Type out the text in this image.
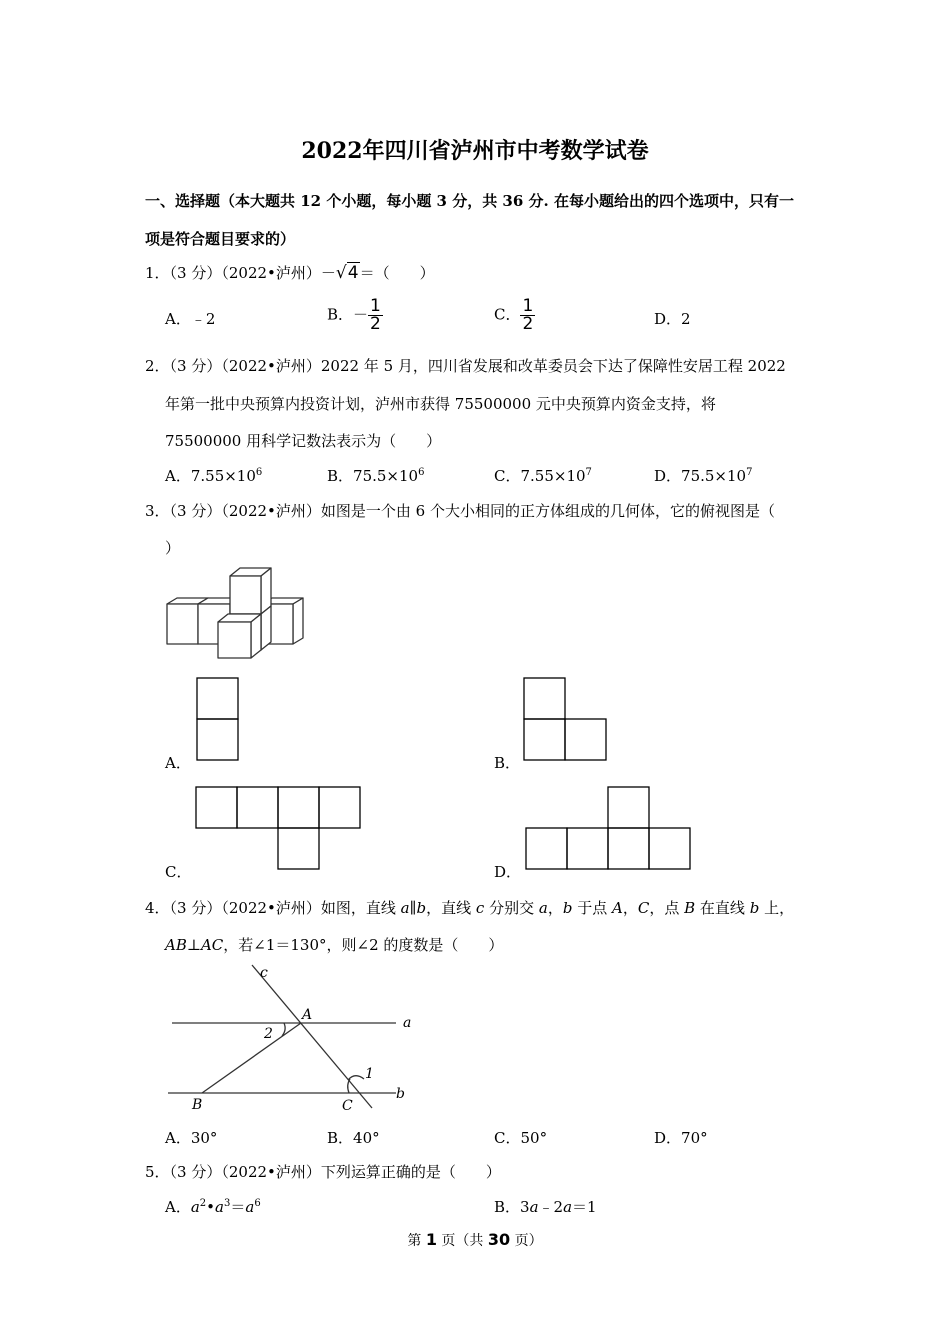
2022年四川省泸州市中考数学试卷
一、选择题（本大题共 12 个小题，每小题 3 分，共 36 分. 在每小题给出的四个选项中，只有一
项是符合题目要求的）
1．（3 分）（2022•泸州）－√4＝（　　）
A．﹣2	B．－ $\frac{1}{2}$	C． $\frac{1}{2}$	D．2
2．（3 分）（2022•泸州）2022 年 5 月，四川省发展和改革委员会下达了保障性安居工程 2022
年第一批中央预算内投资计划，泸州市获得 75500000 元中央预算内资金支持，将
75500000 用科学记数法表示为（　　）
A．$7.55\times 10^6$	B．$75.5\times 10^6$	C．$7.55\times 10^7$	D．$75.5\times 10^7$
3．（3 分）（2022•泸州）如图是一个由 6 个大小相同的正方体组成的几何体，它的俯视图是（
）
A．	B．
C．	D．
4．（3 分）（2022•泸州）如图，直线 a∥b，直线 c 分别交 a，b 于点 A，C，点 B 在直线 b 上，
AB⊥AC，若∠1＝130°，则∠2 的度数是（　　）
c
A	a
2
1
B	C
b
A．30°	B．40°	C．50°	D．70°
5．（3 分）（2022•泸州）下列运算正确的是（　　）
A．$a^2•a^3=a^6$	B．3a﹣2a＝1
第 1 页（共 30 页）
